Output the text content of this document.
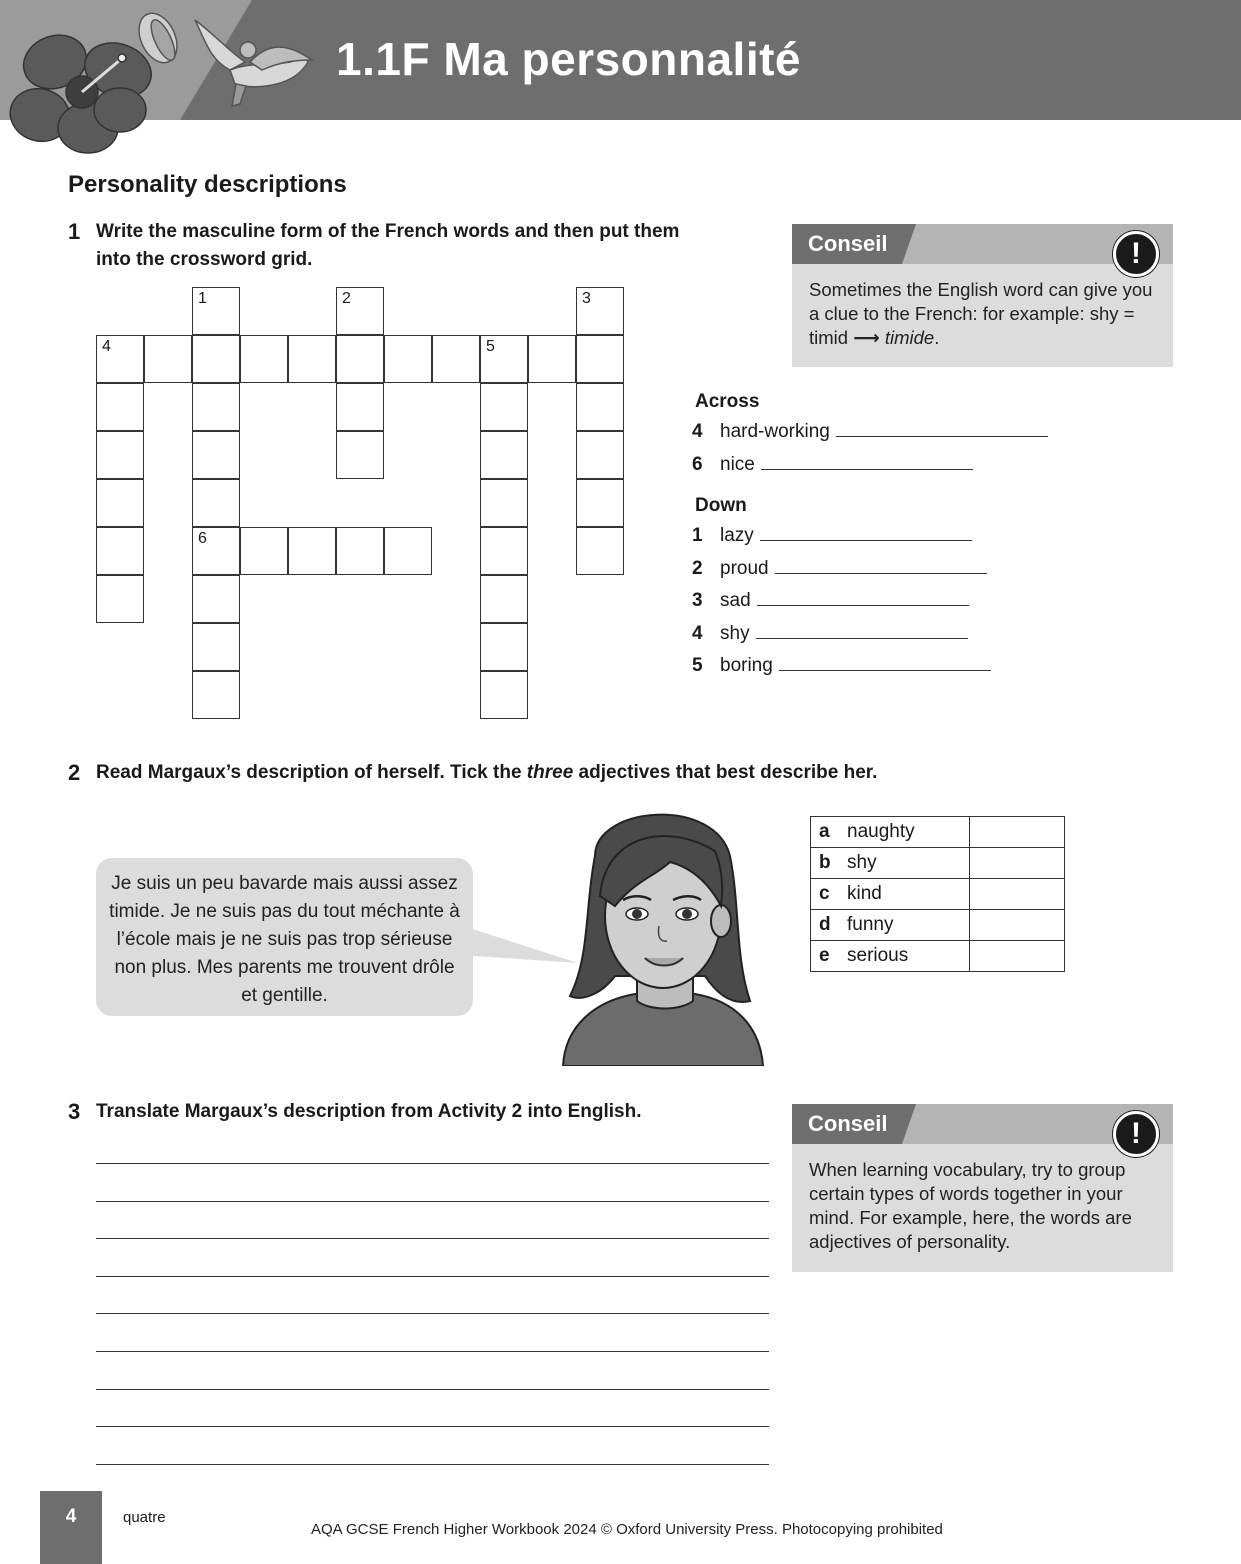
1.1F Ma personnalité
Personality descriptions
1 Write the masculine form of the French words and then put them
into the crossword grid.
1	2	3
4	5
6
Across
4 hard-working
6 nice
Down
1 lazy
2 proud
3 sad
4 shy
5 boring
Conseil	!
Sometimes the English word can give you a clue to the French: for example: shy = timid ⟶ timide.
2 Read Margaux’s description of herself. Tick the three adjectives that best describe her.
Je suis un peu bavarde mais aussi assez timide. Je ne suis pas du tout méchante à l’école mais je ne suis pas trop sérieuse non plus. Mes parents me trouvent drôle et gentille.
a naughty	
b shy	
c kind	
d funny	
e serious	
3 Translate Margaux’s description from Activity 2 into English.	Conseil	!
When learning vocabulary, try to group certain types of words together in your mind. For example, here, the words are adjectives of personality.
4	quatre
AQA GCSE French Higher Workbook 2024 © Oxford University Press. Photocopying prohibited
